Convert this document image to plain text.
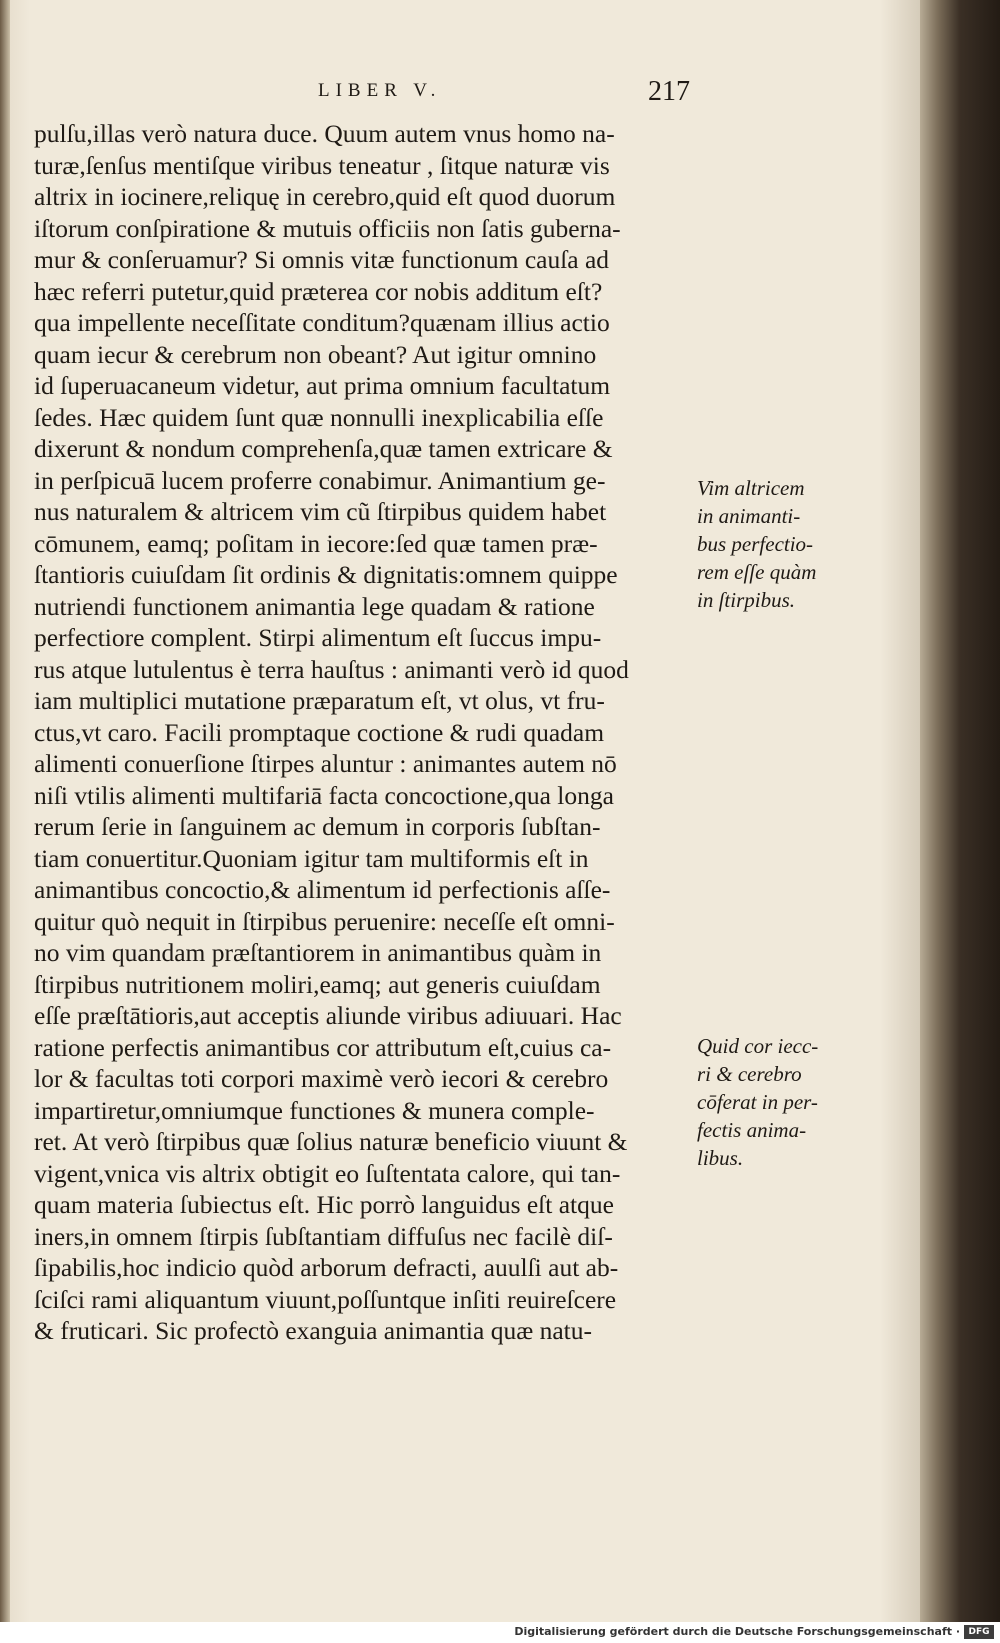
LIBER V.	217
pulſu,illas verò natura duce. Quum autem vnus homo na-
turæ,ſenſus mentiſque viribus teneatur , ſitque naturæ vis
altrix in iocinere,reliquę in cerebro,quid eſt quod duorum
iſtorum conſpiratione & mutuis officiis non ſatis guberna-
mur & conſeruamur? Si omnis vitæ functionum cauſa ad
hæc referri putetur,quid præterea cor nobis additum eſt?
qua impellente neceſſitate conditum?quænam illius actio
quam iecur & cerebrum non obeant? Aut igitur omnino
id ſuperuacaneum videtur, aut prima omnium facultatum
ſedes. Hæc quidem ſunt quæ nonnulli inexplicabilia eſſe
dixerunt & nondum comprehenſa,quæ tamen extricare &
in perſpicuā lucem proferre conabimur. Animantium ge-
nus naturalem & altricem vim cũ ſtirpibus quidem habet
cōmunem, eamq; poſitam in iecore:ſed quæ tamen præ-
ſtantioris cuiuſdam ſit ordinis & dignitatis:omnem quippe
nutriendi functionem animantia lege quadam & ratione
perfectiore complent. Stirpi alimentum eſt ſuccus impu-
rus atque lutulentus è terra hauſtus : animanti verò id quod
iam multiplici mutatione præparatum eſt, vt olus, vt fru-
ctus,vt caro. Facili promptaque coctione & rudi quadam
alimenti conuerſione ſtirpes aluntur : animantes autem nō
niſi vtilis alimenti multifariā facta concoctione,qua longa
rerum ſerie in ſanguinem ac demum in corporis ſubſtan-
tiam conuertitur.Quoniam igitur tam multiformis eſt in
animantibus concoctio,& alimentum id perfectionis aſſe-
quitur quò nequit in ſtirpibus peruenire: neceſſe eſt omni-
no vim quandam præſtantiorem in animantibus quàm in
ſtirpibus nutritionem moliri,eamq; aut generis cuiuſdam
eſſe præſtātioris,aut acceptis aliunde viribus adiuuari. Hac
ratione perfectis animantibus cor attributum eſt,cuius ca-
lor & facultas toti corpori maximè verò iecori & cerebro
impartiretur,omniumque functiones & munera comple-
ret. At verò ſtirpibus quæ ſolius naturæ beneficio viuunt &
vigent,vnica vis altrix obtigit eo ſuſtentata calore, qui tan-
quam materia ſubiectus eſt. Hic porrò languidus eſt atque
iners,in omnem ſtirpis ſubſtantiam diffuſus nec facilè diſ-
ſipabilis,hoc indicio quòd arborum defracti, auulſi aut ab-
ſciſci rami aliquantum viuunt,poſſuntque inſiti reuireſcere
& fruticari. Sic profectò exanguia animantia quæ natu-
Vim altricem
in animanti-
bus perfectio-
rem eſſe quàm
in ſtirpibus.
Quid cor iecc-
ri & cerebro
cōferat in per-
fectis anima-
libus.
Digitalisierung gefördert durch die Deutsche Forschungsgemeinschaft · DFG
